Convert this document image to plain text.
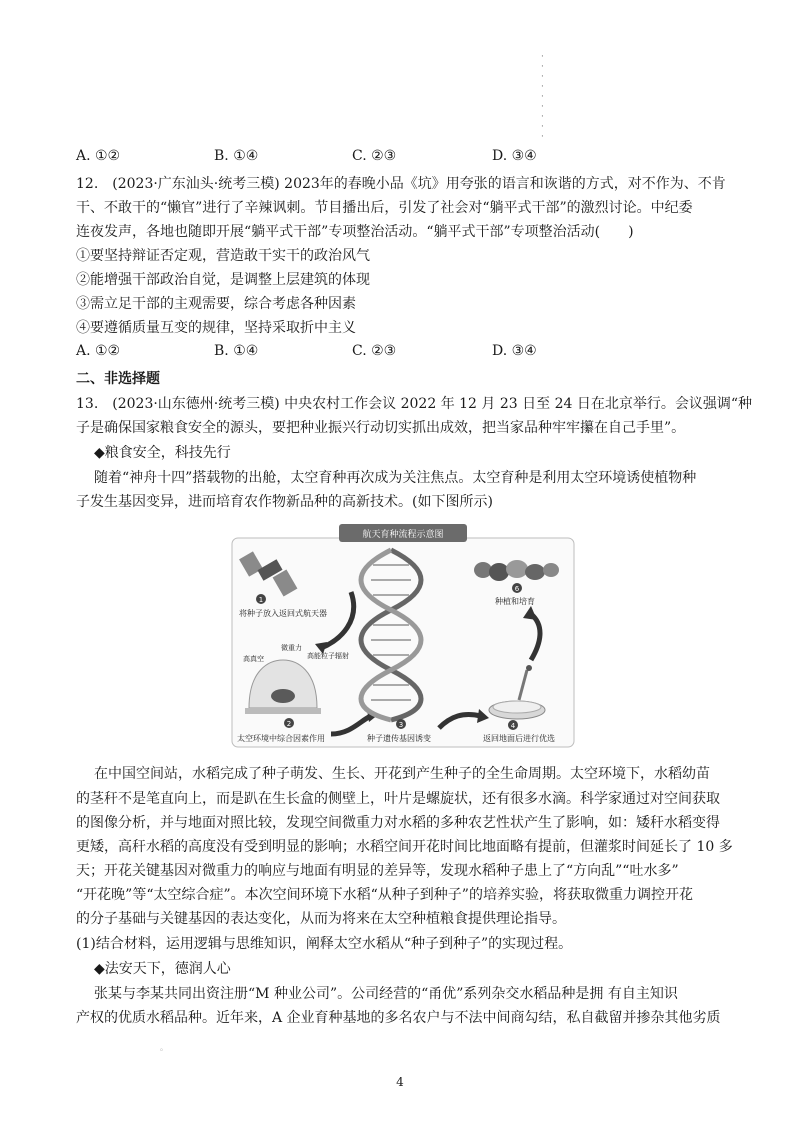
·
·
·
·
·
·
·
·
·
A. ①②	B. ①④	C. ②③	D. ③④
12.　(2023·广东汕头·统考三模) 2023年的春晚小品《坑》用夸张的语言和诙谐的方式，对不作为、不肯
干、不敢干的“懒官”进行了辛辣讽刺。节目播出后，引发了社会对“躺平式干部”的激烈讨论。中纪委
连夜发声，各地也随即开展“躺平式干部”专项整治活动。“躺平式干部”专项整治活动(　　)
①要坚持辩证否定观，营造敢干实干的政治风气
②能增强干部政治自觉，是调整上层建筑的体现
③需立足干部的主观需要，综合考虑各种因素
④要遵循质量互变的规律，坚持采取折中主义
A. ①②	B. ①④	C. ②③	D. ③④
二、非选择题
13.　(2023·山东德州·统考三模) 中央农村工作会议 2022 年 12 月 23 日至 24 日在北京举行。会议强调“种
子是确保国家粮食安全的源头，要把种业振兴行动切实抓出成效，把当家品种牢牢攥在自己手里”。
◆粮食安全，科技先行
随着“神舟十四”搭载物的出舱，太空育种再次成为关注焦点。太空育种是利用太空环境诱使植物种
子发生基因变异，进而培育农作物新品种的高新技术。(如下图所示)
航天育种流程示意图
1
将种子放入返回式航天器
微重力
高真空	高能粒子辐射
2
太空环境中综合因素作用
3
种子遗传基因诱变
4
返回地面后进行优选
6
种植和培育
在中国空间站，水稻完成了种子萌发、生长、开花到产生种子的全生命周期。太空环境下，水稻幼苗
的茎秆不是笔直向上，而是趴在生长盒的侧壁上，叶片是螺旋状，还有很多水滴。科学家通过对空间获取
的图像分析，并与地面对照比较，发现空间微重力对水稻的多种农艺性状产生了影响，如：矮秆水稻变得
更矮，高秆水稻的高度没有受到明显的影响；水稻空间开花时间比地面略有提前，但灌浆时间延长了 10 多
天；开花关键基因对微重力的响应与地面有明显的差异等，发现水稻种子患上了“方向乱”“吐水多”
“开花晚”等“太空综合症”。本次空间环境下水稻“从种子到种子”的培养实验，将获取微重力调控开花
的分子基础与关键基因的表达变化，从而为将来在太空种植粮食提供理论指导。
(1)结合材料，运用逻辑与思维知识，阐释太空水稻从“种子到种子”的实现过程。
◆法安天下，德润人心
张某与李某共同出资注册“M 种业公司”。公司经营的“甬优”系列杂交水稻品种是拥 有自主知识
产权的优质水稻品种。近年来，A 企业育种基地的多名农户与不法中间商勾结，私自截留并掺杂其他劣质
。
4
